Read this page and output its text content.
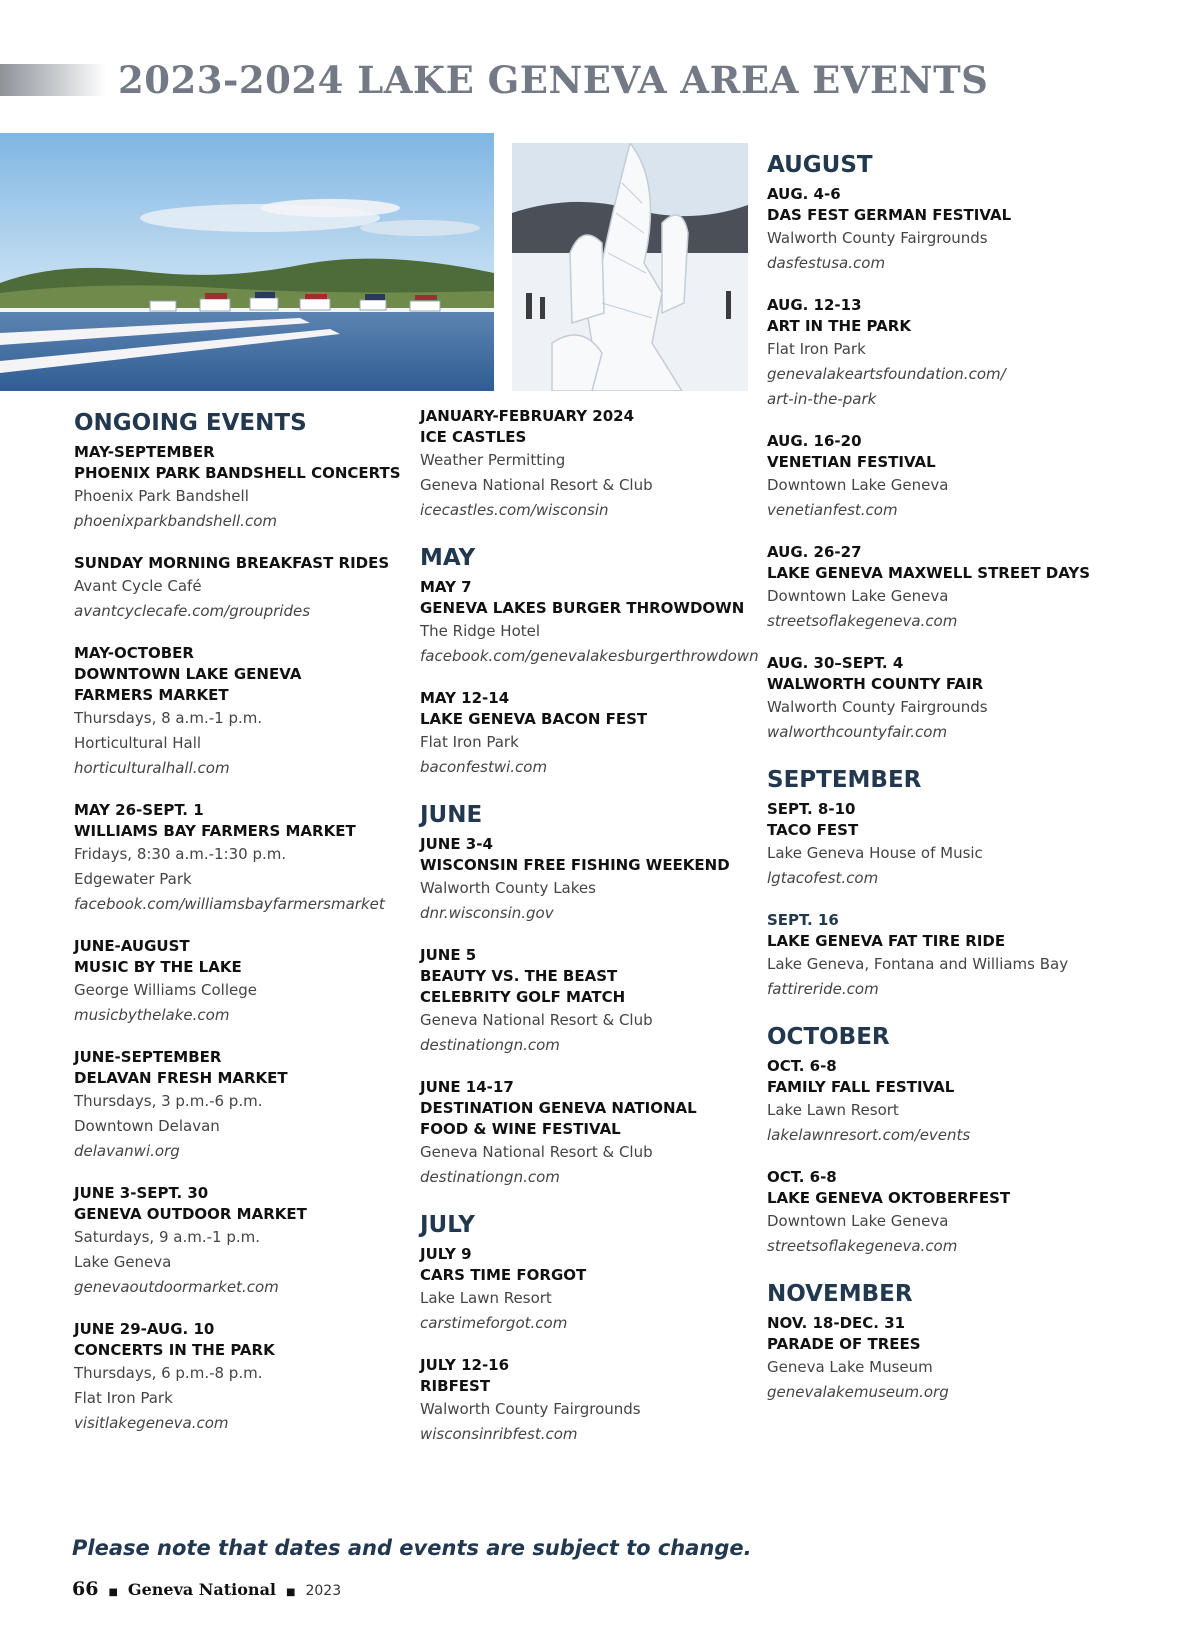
2023-2024 LAKE GENEVA AREA EVENTS
ONGOING EVENTS
MAY-SEPTEMBER
PHOENIX PARK BANDSHELL CONCERTS
Phoenix Park Bandshell
phoenixparkbandshell.com
SUNDAY MORNING BREAKFAST RIDES
Avant Cycle Café
avantcyclecafe.com/grouprides
MAY-OCTOBER
DOWNTOWN LAKE GENEVA
FARMERS MARKET
Thursdays, 8 a.m.-1 p.m.
Horticultural Hall
horticulturalhall.com
MAY 26-SEPT. 1
WILLIAMS BAY FARMERS MARKET
Fridays, 8:30 a.m.-1:30 p.m.
Edgewater Park
facebook.com/williamsbayfarmersmarket
JUNE-AUGUST
MUSIC BY THE LAKE
George Williams College
musicbythelake.com
JUNE-SEPTEMBER
DELAVAN FRESH MARKET
Thursdays, 3 p.m.-6 p.m.
Downtown Delavan
delavanwi.org
JUNE 3-SEPT. 30
GENEVA OUTDOOR MARKET
Saturdays, 9 a.m.-1 p.m.
Lake Geneva
genevaoutdoormarket.com
JUNE 29-AUG. 10
CONCERTS IN THE PARK
Thursdays, 6 p.m.-8 p.m.
Flat Iron Park
visitlakegeneva.com
JANUARY-FEBRUARY 2024
ICE CASTLES
Weather Permitting
Geneva National Resort & Club
icecastles.com/wisconsin
MAY
MAY 7
GENEVA LAKES BURGER THROWDOWN
The Ridge Hotel
facebook.com/genevalakesburgerthrowdown
MAY 12-14
LAKE GENEVA BACON FEST
Flat Iron Park
baconfestwi.com
JUNE
JUNE 3-4
WISCONSIN FREE FISHING WEEKEND
Walworth County Lakes
dnr.wisconsin.gov
JUNE 5
BEAUTY VS. THE BEAST
CELEBRITY GOLF MATCH
Geneva National Resort & Club
destinationgn.com
JUNE 14-17
DESTINATION GENEVA NATIONAL
FOOD & WINE FESTIVAL
Geneva National Resort & Club
destinationgn.com
JULY
JULY 9
CARS TIME FORGOT
Lake Lawn Resort
carstimeforgot.com
JULY 12-16
RIBFEST
Walworth County Fairgrounds
wisconsinribfest.com
AUGUST
AUG. 4-6
DAS FEST GERMAN FESTIVAL
Walworth County Fairgrounds
dasfestusa.com
AUG. 12-13
ART IN THE PARK
Flat Iron Park
genevalakeartsfoundation.com/
art-in-the-park
AUG. 16-20
VENETIAN FESTIVAL
Downtown Lake Geneva
venetianfest.com
AUG. 26-27
LAKE GENEVA MAXWELL STREET DAYS
Downtown Lake Geneva
streetsoflakegeneva.com
AUG. 30–SEPT. 4
WALWORTH COUNTY FAIR
Walworth County Fairgrounds
walworthcountyfair.com
SEPTEMBER
SEPT. 8-10
TACO FEST
Lake Geneva House of Music
lgtacofest.com
SEPT. 16
LAKE GENEVA FAT TIRE RIDE
Lake Geneva, Fontana and Williams Bay
fattireride.com
OCTOBER
OCT. 6-8
FAMILY FALL FESTIVAL
Lake Lawn Resort
lakelawnresort.com/events
OCT. 6-8
LAKE GENEVA OKTOBERFEST
Downtown Lake Geneva
streetsoflakegeneva.com
NOVEMBER
NOV. 18-DEC. 31
PARADE OF TREES
Geneva Lake Museum
genevalakemuseum.org

Please note that dates and events are subject to change.

66 ■ Geneva National ■ 2023
